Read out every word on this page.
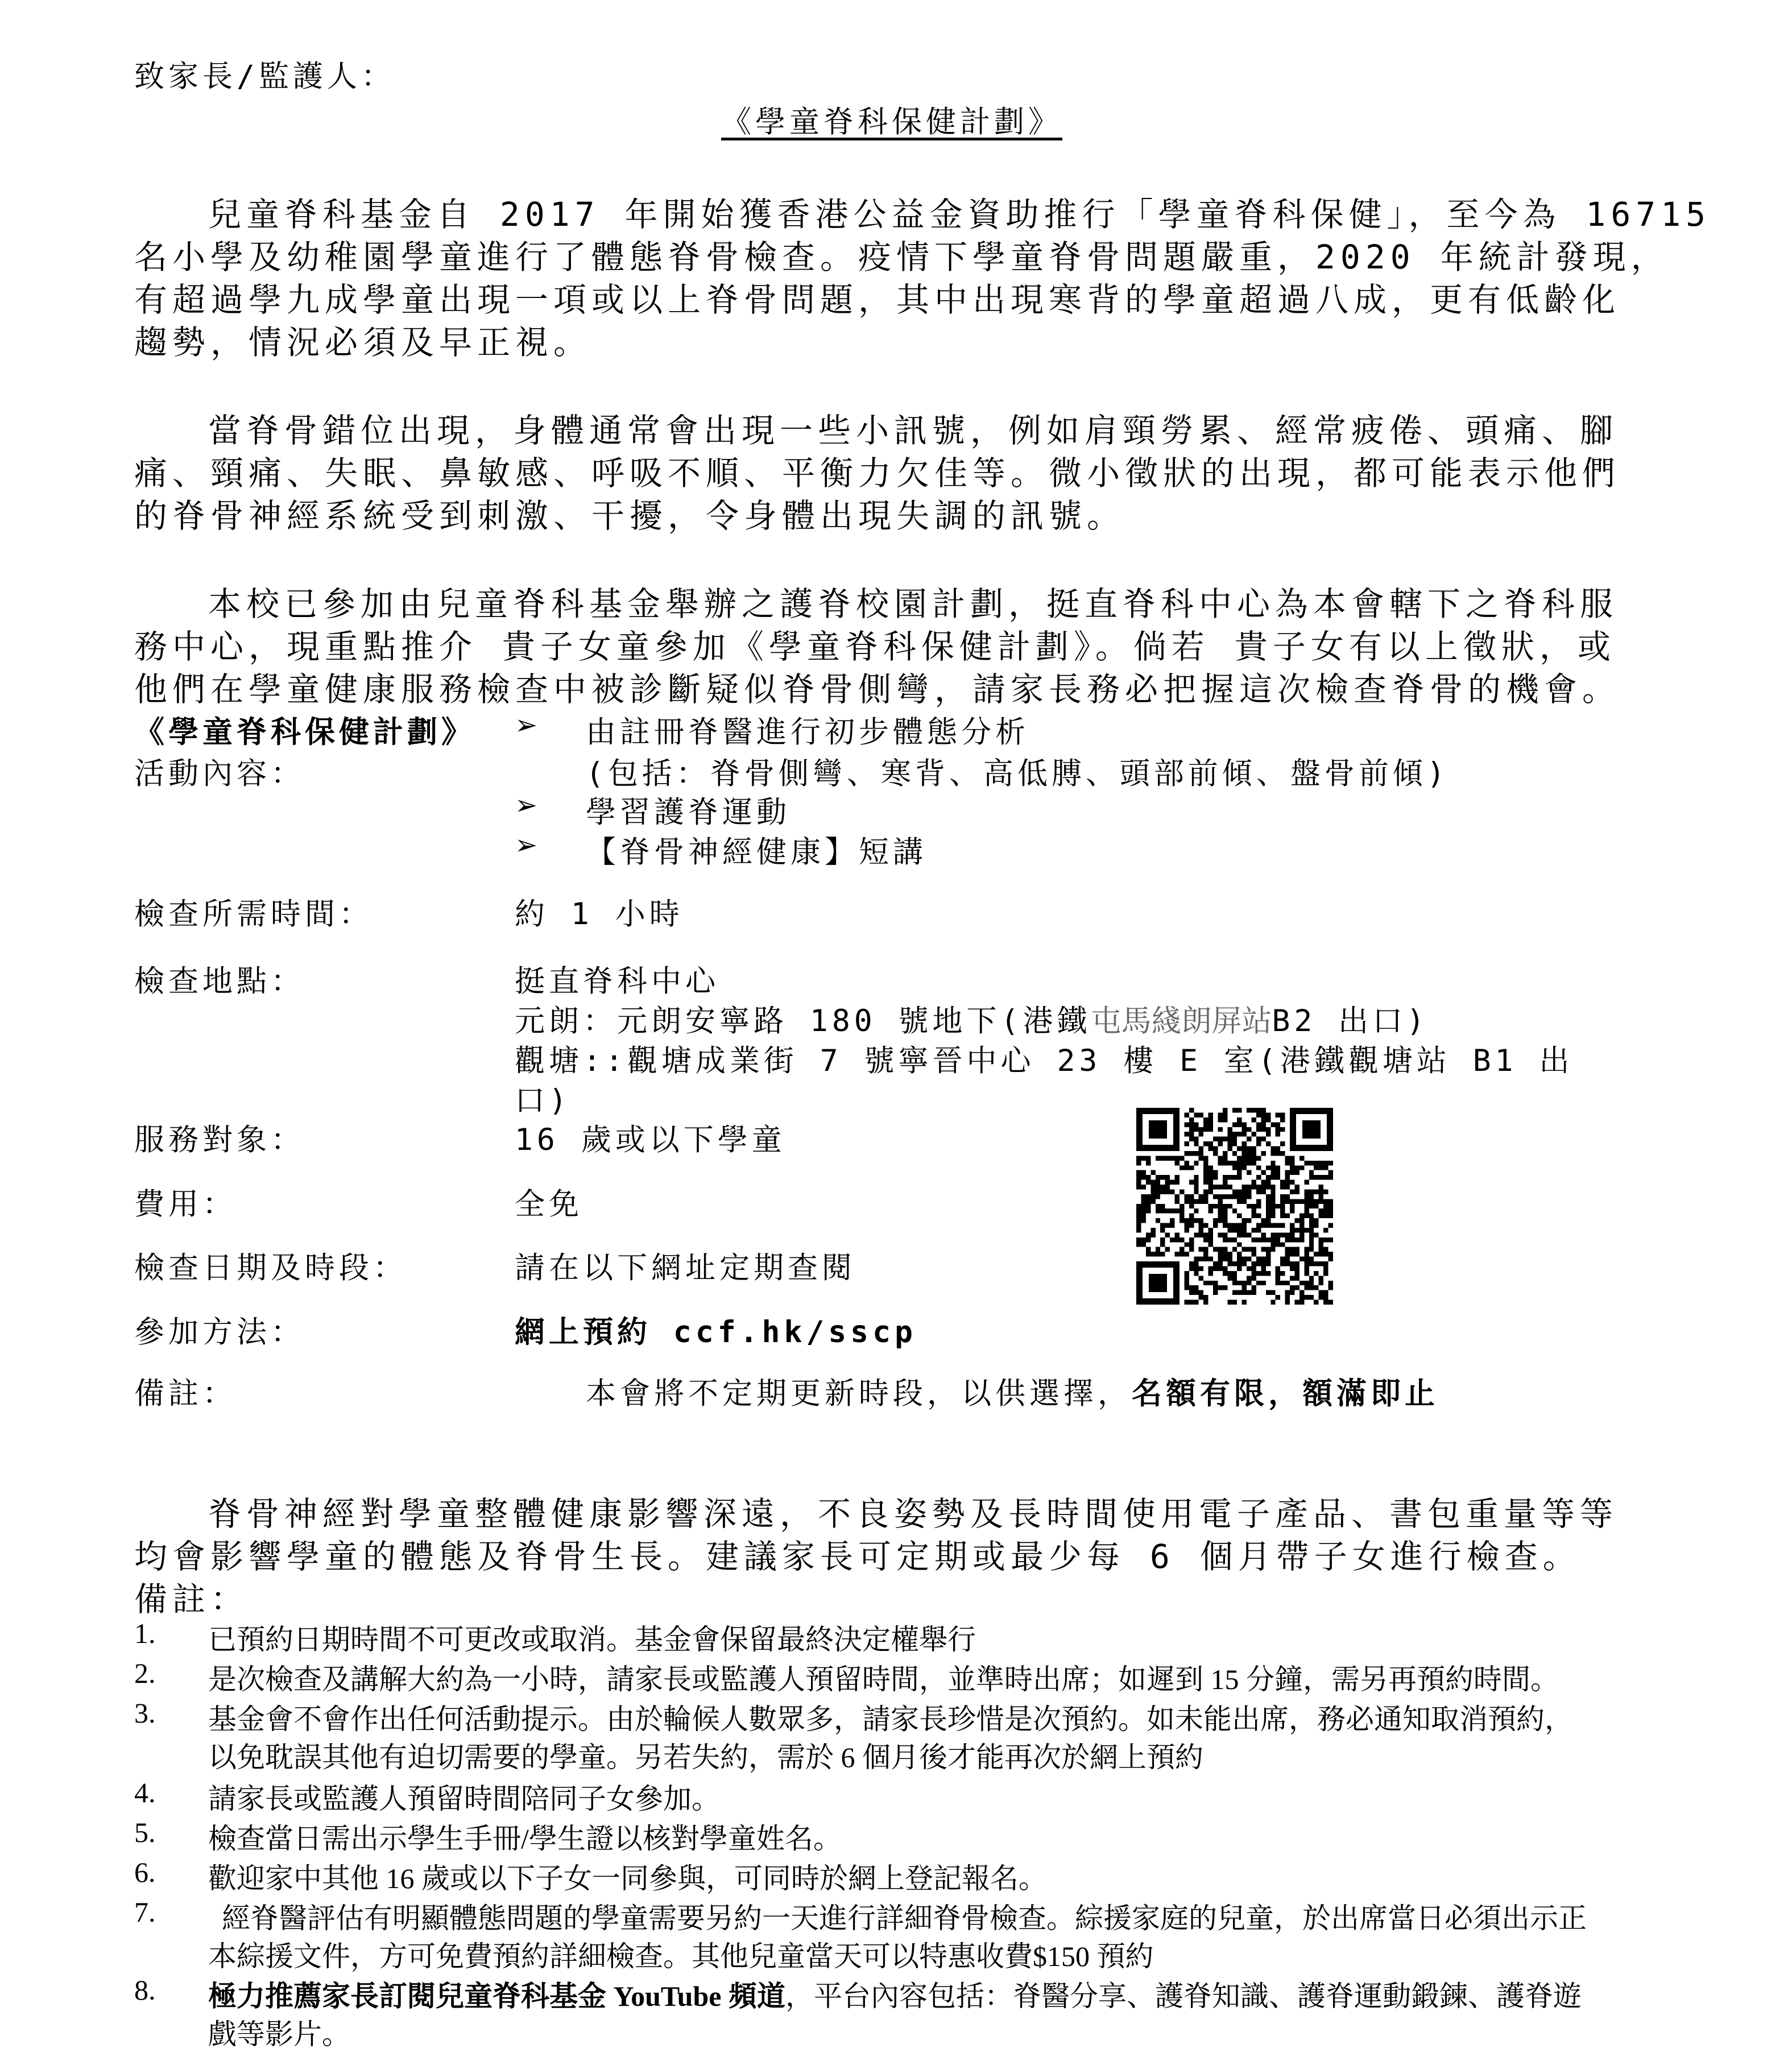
致家長/監護人：
《學童脊科保健計劃》
兒童脊科基金自 2017 年開始獲香港公益金資助推行「學童脊科保健」，至今為 16715
名小學及幼稚園學童進行了體態脊骨檢查。疫情下學童脊骨問題嚴重，2020 年統計發現，
有超過學九成學童出現一項或以上脊骨問題，其中出現寒背的學童超過八成，更有低齡化
趨勢，情況必須及早正視。
當脊骨錯位出現，身體通常會出現一些小訊號，例如肩頸勞累、經常疲倦、頭痛、腳
痛、頸痛、失眠、鼻敏感、呼吸不順、平衡力欠佳等。微小徵狀的出現，都可能表示他們
的脊骨神經系統受到刺激、干擾，令身體出現失調的訊號。
本校已參加由兒童脊科基金舉辦之護脊校園計劃，挺直脊科中心為本會轄下之脊科服
務中心，現重點推介 貴子女童參加《學童脊科保健計劃》。倘若 貴子女有以上徵狀，或
他們在學童健康服務檢查中被診斷疑似脊骨側彎，請家長務必把握這次檢查脊骨的機會。
《學童脊科保健計劃》
活動內容：
➢ 由註冊脊醫進行初步體態分析
(包括：脊骨側彎、寒背、高低膊、頭部前傾、盤骨前傾)
➢ 學習護脊運動
➢ 【脊骨神經健康】短講
檢查所需時間：	約 1 小時
檢查地點：	挺直脊科中心
元朗：元朗安寧路 180 號地下(港鐵屯馬綫朗屏站B2 出口)
觀塘::觀塘成業街 7 號寧晉中心 23 樓 E 室(港鐵觀塘站 B1 出
口)
服務對象：	16 歲或以下學童
費用：	全免
檢查日期及時段：	請在以下網址定期查閱
參加方法：	網上預約 ccf.hk/sscp
備註：	本會將不定期更新時段，以供選擇，名額有限，額滿即止
脊骨神經對學童整體健康影響深遠，不良姿勢及長時間使用電子產品、書包重量等等
均會影響學童的體態及脊骨生長。建議家長可定期或最少每 6 個月帶子女進行檢查。
備註：
1. 已預約日期時間不可更改或取消。基金會保留最終決定權舉行
2. 是次檢查及講解大約為一小時，請家長或監護人預留時間，並準時出席；如遲到 15 分鐘，需另再預約時間。
3. 基金會不會作出任何活動提示。由於輪候人數眾多，請家長珍惜是次預約。如未能出席，務必通知取消預約，
以免耽誤其他有迫切需要的學童。另若失約，需於 6 個月後才能再次於網上預約
4. 請家長或監護人預留時間陪同子女參加。
5. 檢查當日需出示學生手冊/學生證以核對學童姓名。
6. 歡迎家中其他 16 歲或以下子女一同參與，可同時於網上登記報名。
7. 經脊醫評估有明顯體態問題的學童需要另約一天進行詳細脊骨檢查。綜援家庭的兒童，於出席當日必須出示正
本綜援文件，方可免費預約詳細檢查。其他兒童當天可以特惠收費$150 預約
8. 極力推薦家長訂閱兒童脊科基金 YouTube 頻道，平台內容包括：脊醫分享、護脊知識、護脊運動鍛鍊、護脊遊
戲等影片。
